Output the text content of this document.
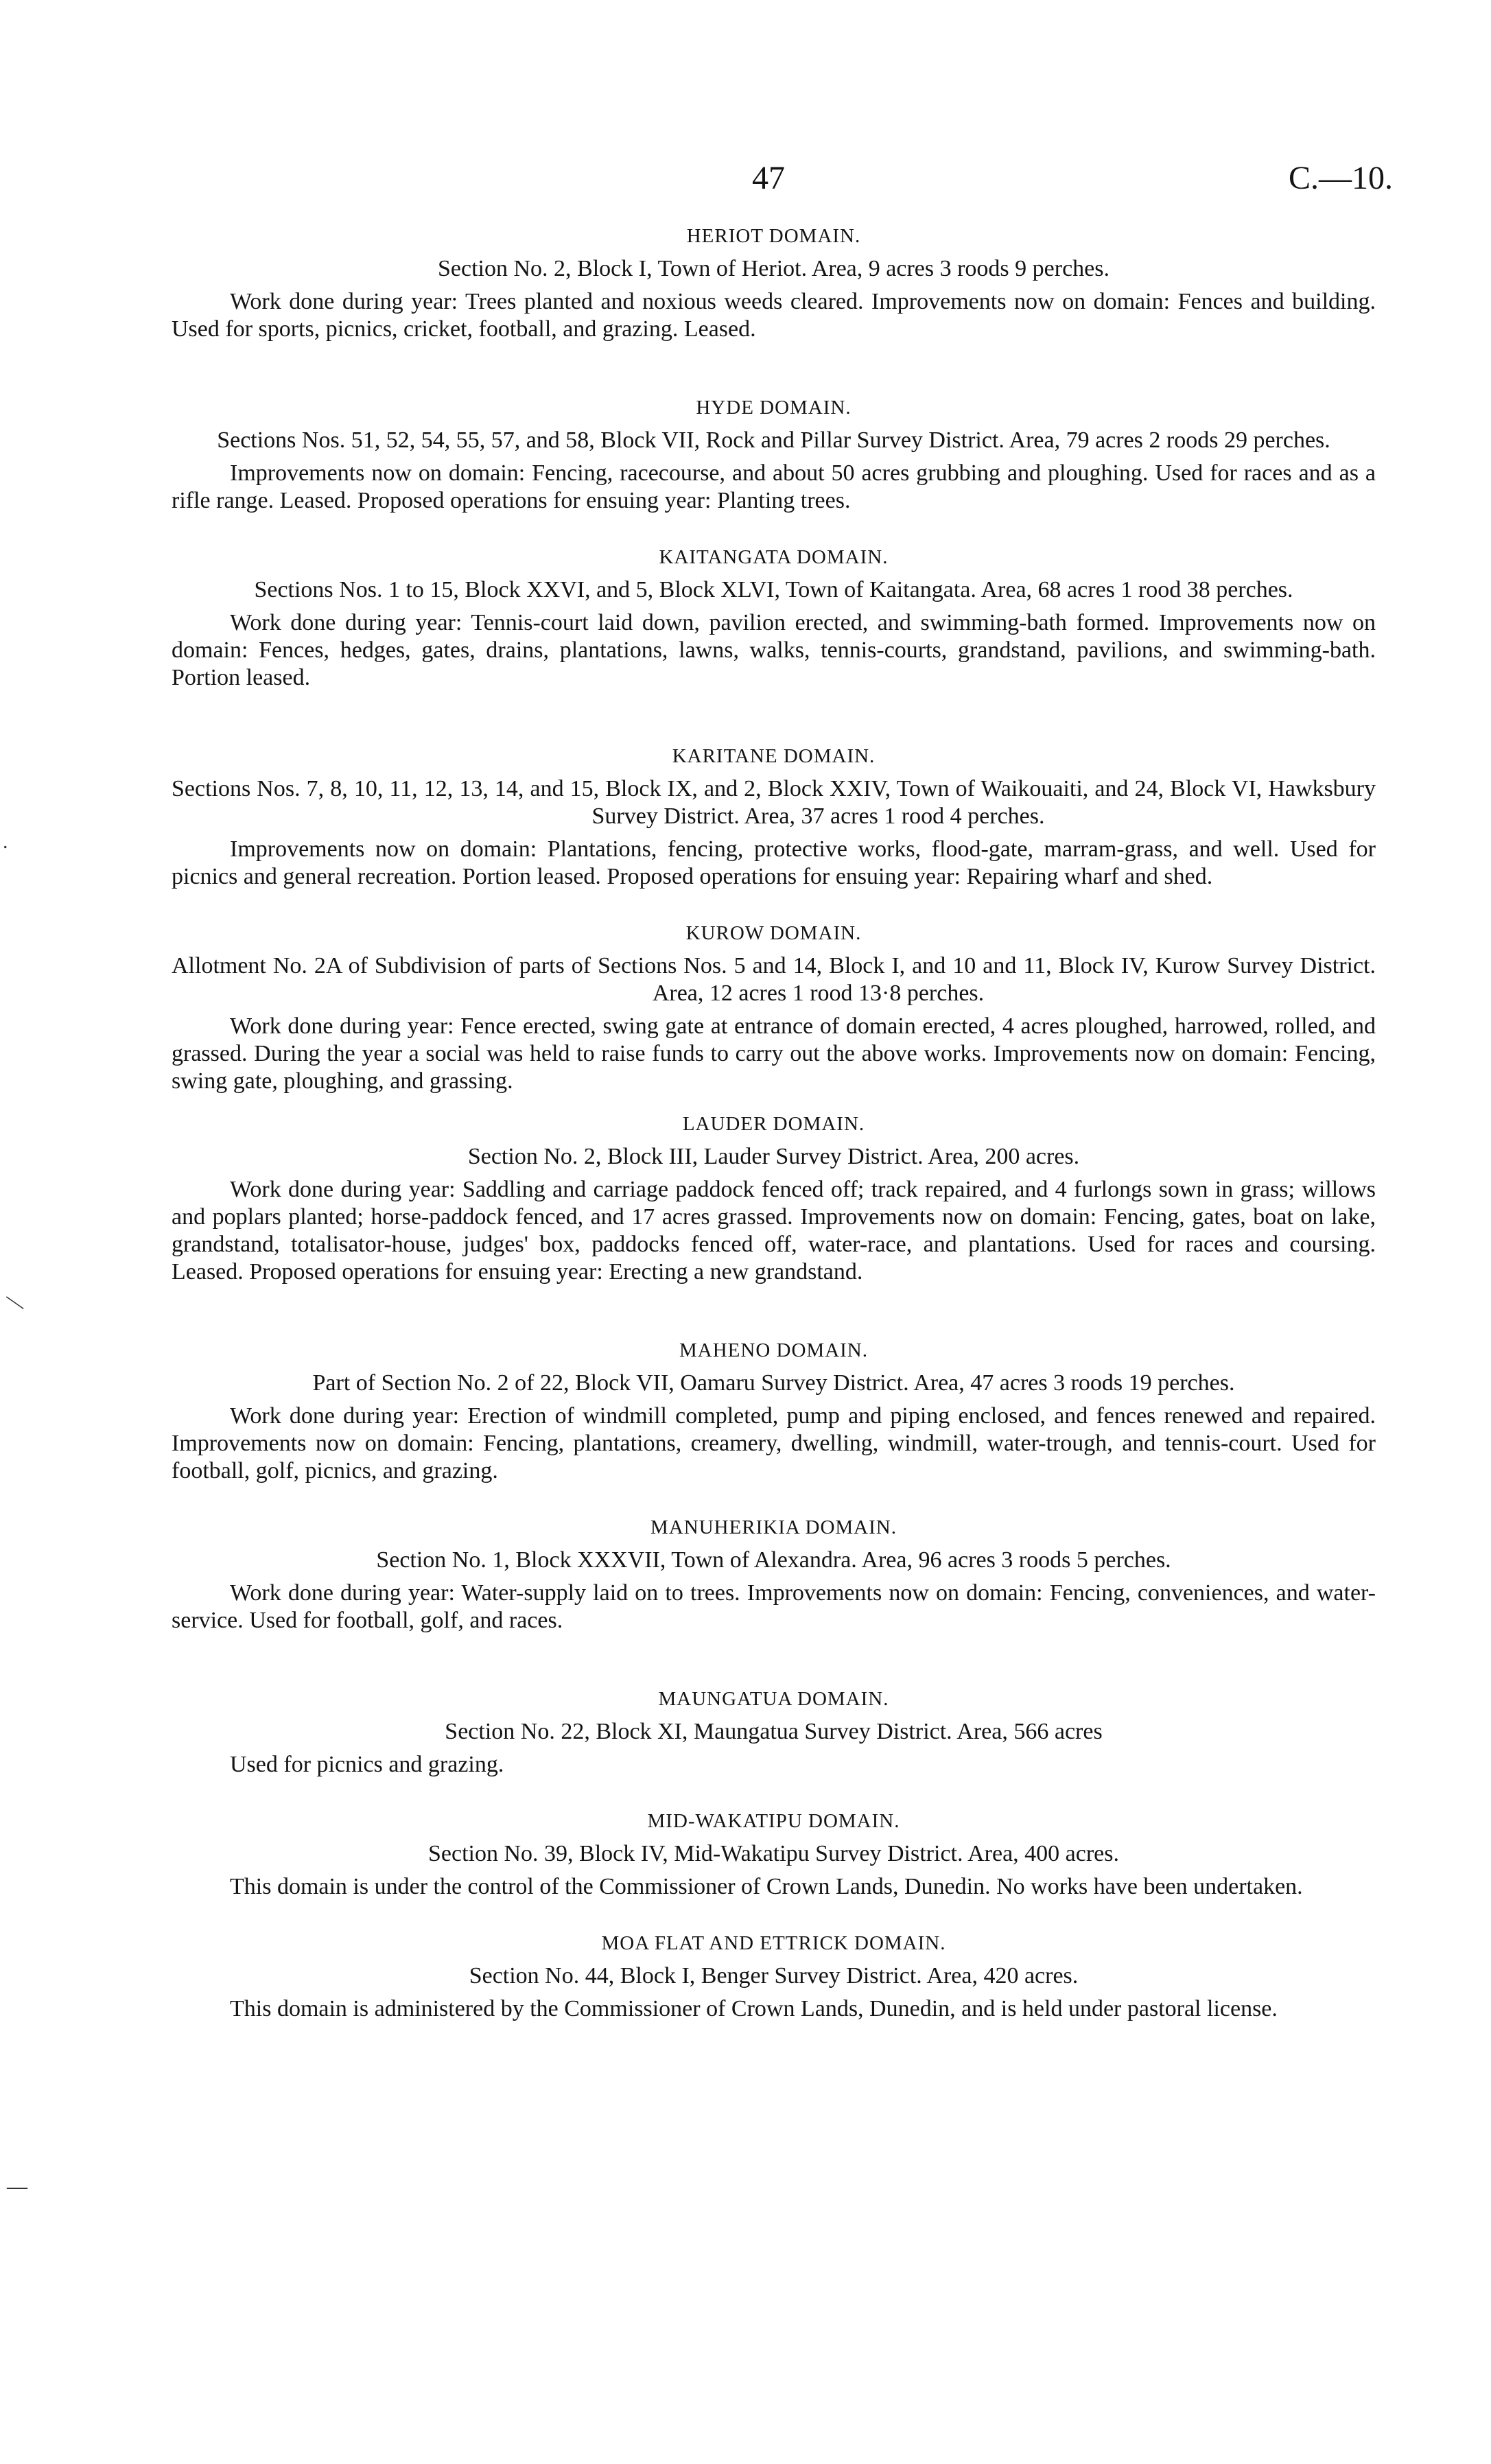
47	C.—10.
.
—
—
HERIOT DOMAIN.
Section No. 2, Block I, Town of Heriot. Area, 9 acres 3 roods 9 perches.

Work done during year: Trees planted and noxious weeds cleared. Improvements now on domain: Fences and building. Used for sports, picnics, cricket, football, and grazing. Leased.

HYDE DOMAIN.
Sections Nos. 51, 52, 54, 55, 57, and 58, Block VII, Rock and Pillar Survey District. Area, 79 acres 2 roods 29 perches.

Improvements now on domain: Fencing, racecourse, and about 50 acres grubbing and ploughing. Used for races and as a rifle range. Leased. Proposed operations for ensuing year: Planting trees.

KAITANGATA DOMAIN.
Sections Nos. 1 to 15, Block XXVI, and 5, Block XLVI, Town of Kaitangata. Area, 68 acres 1 rood 38 perches.

Work done during year: Tennis-court laid down, pavilion erected, and swimming-bath formed. Improvements now on domain: Fences, hedges, gates, drains, plantations, lawns, walks, tennis-courts, grandstand, pavilions, and swimming-bath. Portion leased.

KARITANE DOMAIN.
Sections Nos. 7, 8, 10, 11, 12, 13, 14, and 15, Block IX, and 2, Block XXIV, Town of Waikouaiti, and 24, Block VI, Hawksbury Survey District. Area, 37 acres 1 rood 4 perches.

Improvements now on domain: Plantations, fencing, protective works, flood-gate, marram-grass, and well. Used for picnics and general recreation. Portion leased. Proposed operations for ensuing year: Repairing wharf and shed.

KUROW DOMAIN.
Allotment No. 2A of Subdivision of parts of Sections Nos. 5 and 14, Block I, and 10 and 11, Block IV, Kurow Survey District. Area, 12 acres 1 rood 13·8 perches.

Work done during year: Fence erected, swing gate at entrance of domain erected, 4 acres ploughed, harrowed, rolled, and grassed. During the year a social was held to raise funds to carry out the above works. Improvements now on domain: Fencing, swing gate, ploughing, and grassing.

LAUDER DOMAIN.
Section No. 2, Block III, Lauder Survey District. Area, 200 acres.

Work done during year: Saddling and carriage paddock fenced off; track repaired, and 4 furlongs sown in grass; willows and poplars planted; horse-paddock fenced, and 17 acres grassed. Improvements now on domain: Fencing, gates, boat on lake, grandstand, totalisator-house, judges' box, paddocks fenced off, water-race, and plantations. Used for races and coursing. Leased. Proposed operations for ensuing year: Erecting a new grandstand.

MAHENO DOMAIN.
Part of Section No. 2 of 22, Block VII, Oamaru Survey District. Area, 47 acres 3 roods 19 perches.

Work done during year: Erection of windmill completed, pump and piping enclosed, and fences renewed and repaired. Improvements now on domain: Fencing, plantations, creamery, dwelling, windmill, water-trough, and tennis-court. Used for football, golf, picnics, and grazing.

MANUHERIKIA DOMAIN.
Section No. 1, Block XXXVII, Town of Alexandra. Area, 96 acres 3 roods 5 perches.

Work done during year: Water-supply laid on to trees. Improvements now on domain: Fencing, conveniences, and water-service. Used for football, golf, and races.

MAUNGATUA DOMAIN.
Section No. 22, Block XI, Maungatua Survey District. Area, 566 acres

Used for picnics and grazing.

MID-WAKATIPU DOMAIN.
Section No. 39, Block IV, Mid-Wakatipu Survey District. Area, 400 acres.

This domain is under the control of the Commissioner of Crown Lands, Dunedin. No works have been undertaken.

MOA FLAT AND ETTRICK DOMAIN.
Section No. 44, Block I, Benger Survey District. Area, 420 acres.

This domain is administered by the Commissioner of Crown Lands, Dunedin, and is held under pastoral license.
